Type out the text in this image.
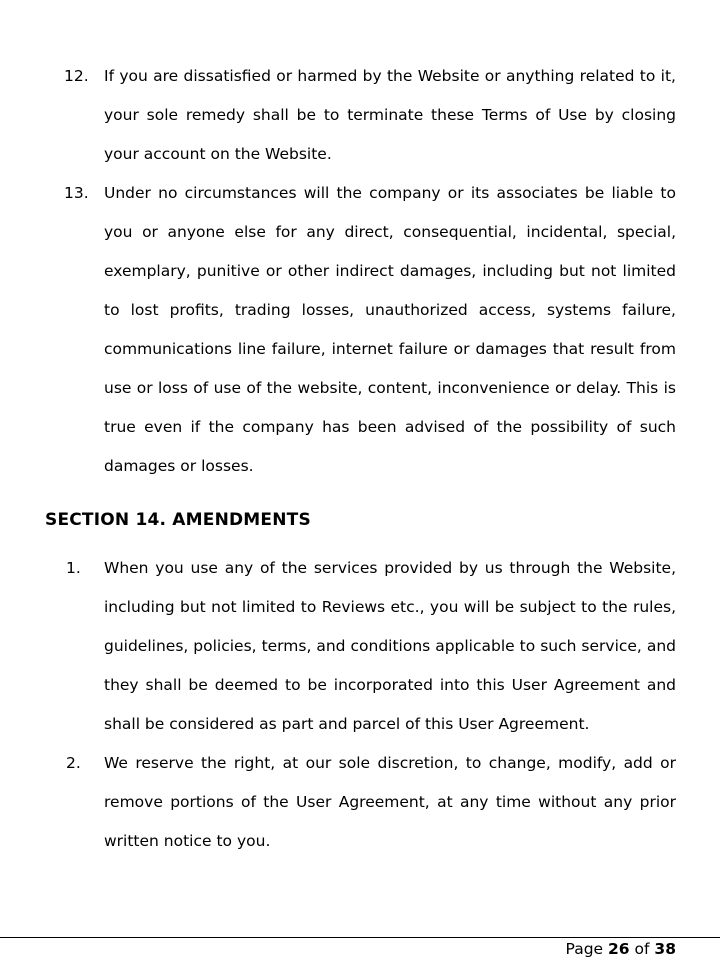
12. If you are dissatisfied or harmed by the Website or anything related to it, your sole remedy shall be to terminate these Terms of Use by closing your account on the Website.
13. Under no circumstances will the company or its associates be liable to you or anyone else for any direct, consequential, incidental, special, exemplary, punitive or other indirect damages, including but not limited to lost profits, trading losses, unauthorized access, systems failure, communications line failure, internet failure or damages that result from use or loss of use of the website, content, inconvenience or delay. This is true even if the company has been advised of the possibility of such damages or losses.
SECTION 14. AMENDMENTS
1.	When you use any of the services provided by us through the Website, including but not limited to Reviews etc., you will be subject to the rules, guidelines, policies, terms, and conditions applicable to such service, and they shall be deemed to be incorporated into this User Agreement and shall be considered as part and parcel of this User Agreement.
2.	We reserve the right, at our sole discretion, to change, modify, add or remove portions of the User Agreement, at any time without any prior written notice to you.
Page 26 of 38
